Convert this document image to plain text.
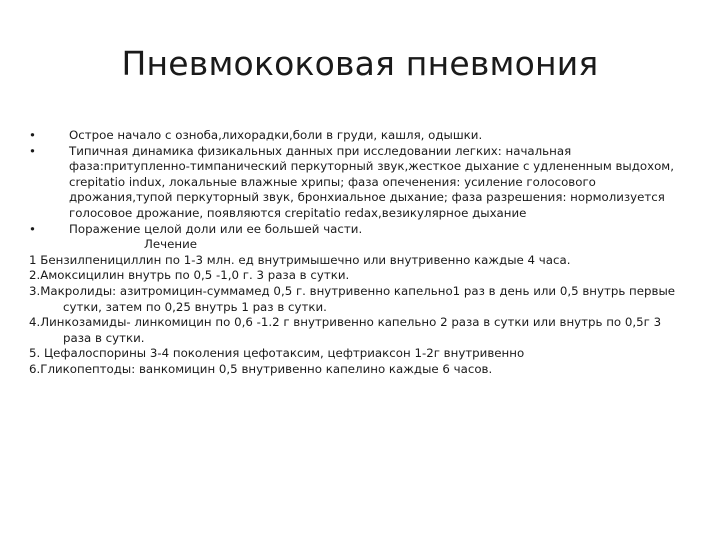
Пневмококовая пневмония
•	Острое начало с озноба,лихорадки,боли в груди, кашля, одышки.
•	Типичная динамика физикальных данных при исследовании легких: начальная фаза:притупленно-тимпанический перкуторный звук,жесткое дыхание с удлененным выдохом, crepitatio indux, локальные влажные хрипы; фаза опеченения: усиление голосового дрожания,тупой перкуторный звук, бронхиальное дыхание; фаза разрешения: нормолизуется голосовое дрожание, появляются crepitatio redax,везикулярное дыхание
•	Поражение целой доли или ее большей части.
Лечение
1 Бензилпенициллин по 1-3 млн. ед внутримышечно или внутривенно каждые 4 часа.
2.Амоксицилин внутрь по 0,5 -1,0 г. 3 раза в сутки.
3.Макролиды: азитромицин-суммамед 0,5 г. внутривенно капельно1 раз в день или 0,5 внутрь первые сутки, затем по 0,25 внутрь 1 раз в сутки.
4.Линкозамиды- линкомицин по 0,6 -1.2 г внутривенно капельно 2 раза в сутки или внутрь по 0,5г 3 раза в сутки.
5. Цефалоспорины 3-4 поколения цефотаксим, цефтриаксон 1-2г внутривенно
6.Гликопептоды: ванкомицин 0,5 внутривенно капелино каждые 6 часов.
